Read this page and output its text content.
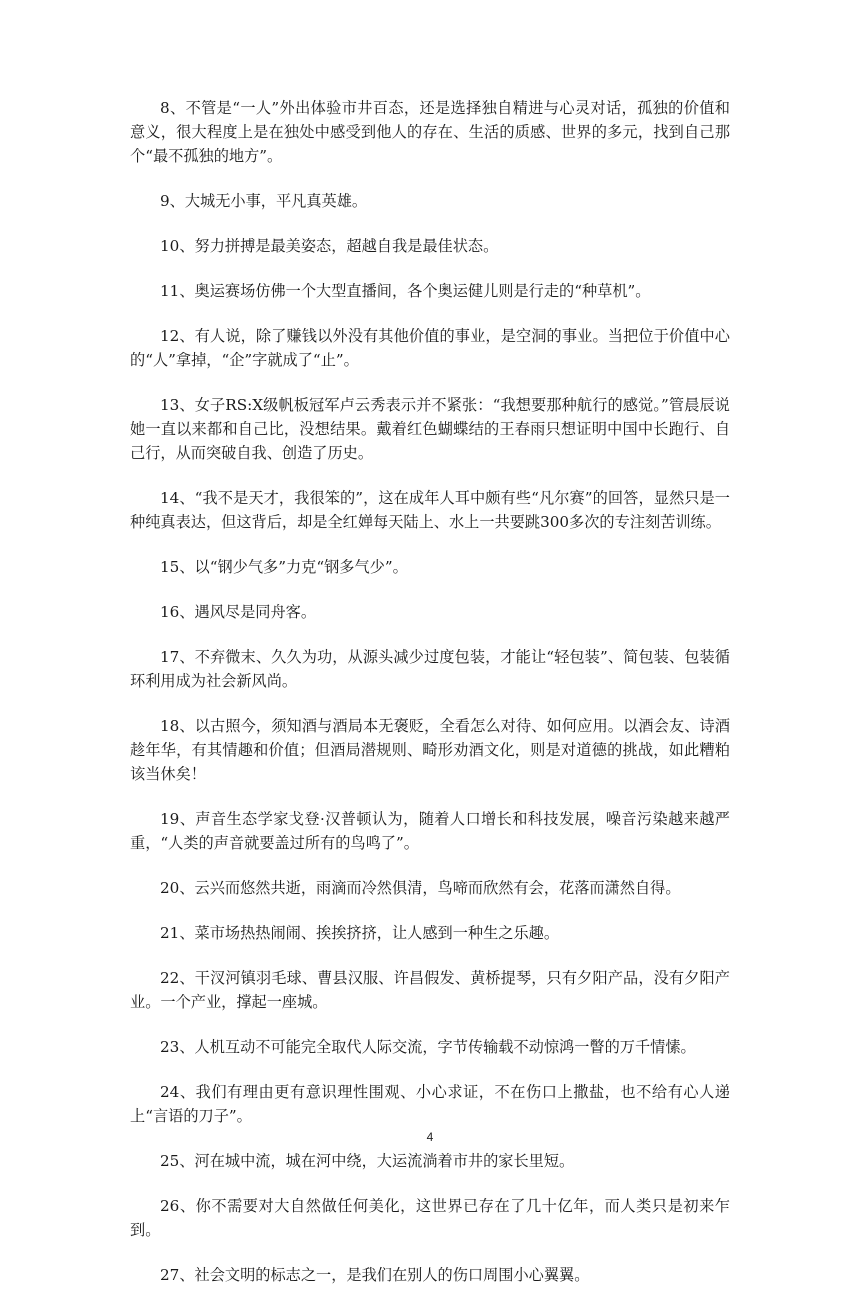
8、不管是“一人”外出体验市井百态，还是选择独自精进与心灵对话，孤独的价值和意义，很大程度上是在独处中感受到他人的存在、生活的质感、世界的多元，找到自己那个“最不孤独的地方”。

9、大城无小事，平凡真英雄。

10、努力拼搏是最美姿态，超越自我是最佳状态。

11、奥运赛场仿佛一个大型直播间，各个奥运健儿则是行走的“种草机”。

12、有人说，除了赚钱以外没有其他价值的事业，是空洞的事业。当把位于价值中心的“人”拿掉，“企”字就成了“止”。

13、女子RS:X级帆板冠军卢云秀表示并不紧张：“我想要那种航行的感觉。”管晨辰说她一直以来都和自己比，没想结果。戴着红色蝴蝶结的王春雨只想证明中国中长跑行、自己行，从而突破自我、创造了历史。

14、“我不是天才，我很笨的”，这在成年人耳中颇有些“凡尔赛”的回答，显然只是一种纯真表达，但这背后，却是全红婵每天陆上、水上一共要跳300多次的专注刻苦训练。

15、以“钢少气多”力克“钢多气少”。

16、遇风尽是同舟客。

17、不弃微末、久久为功，从源头减少过度包装，才能让“轻包装”、简包装、包装循环利用成为社会新风尚。

18、以古照今，须知酒与酒局本无褒贬，全看怎么对待、如何应用。以酒会友、诗酒趁年华，有其情趣和价值；但酒局潜规则、畸形劝酒文化，则是对道德的挑战，如此糟粕该当休矣！

19、声音生态学家戈登·汉普顿认为，随着人口增长和科技发展，噪音污染越来越严重，“人类的声音就要盖过所有的鸟鸣了”。

20、云兴而悠然共逝，雨滴而冷然俱清，鸟啼而欣然有会，花落而潇然自得。

21、菜市场热热闹闹、挨挨挤挤，让人感到一种生之乐趣。

22、干汊河镇羽毛球、曹县汉服、许昌假发、黄桥提琴，只有夕阳产品，没有夕阳产业。一个产业，撑起一座城。

23、人机互动不可能完全取代人际交流，字节传输载不动惊鸿一瞥的万千情愫。

24、我们有理由更有意识理性围观、小心求证，不在伤口上撒盐，也不给有心人递上“言语的刀子”。

25、河在城中流，城在河中绕，大运流淌着市井的家长里短。

26、你不需要对大自然做任何美化，这世界已存在了几十亿年，而人类只是初来乍到。

27、社会文明的标志之一，是我们在别人的伤口周围小心翼翼。

4
